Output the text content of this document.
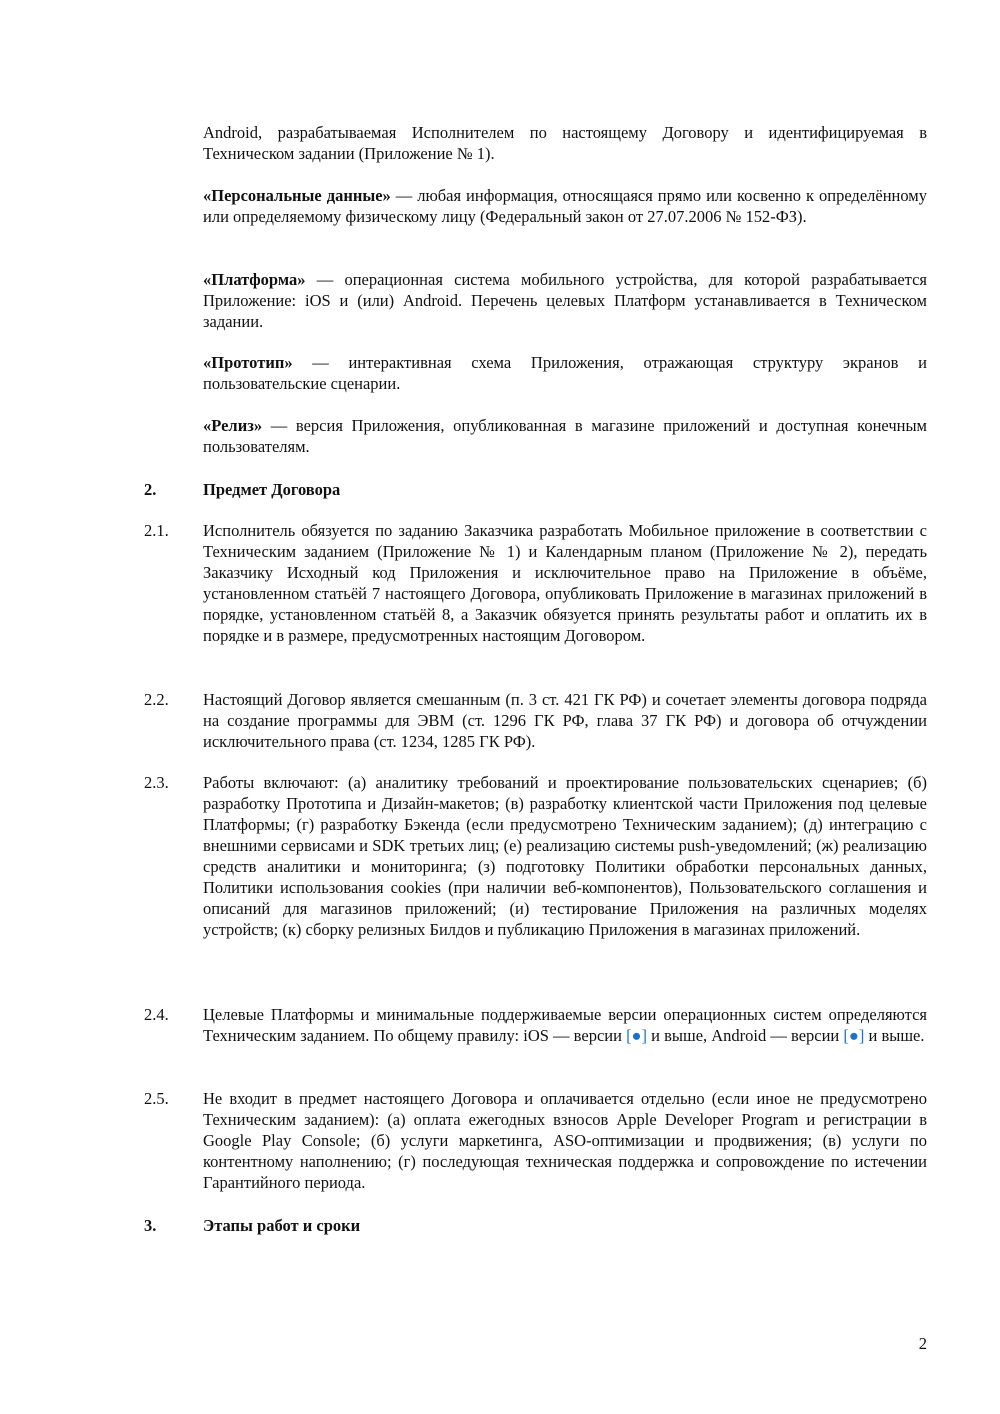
Android, разрабатываемая Исполнителем по настоящему Договору и идентифицируемая в Техническом задании (Приложение № 1).

«Персональные данные» — любая информация, относящаяся прямо или косвенно к определённому или определяемому физическому лицу (Федеральный закон от 27.07.2006 № 152-ФЗ).

«Платформа» — операционная система мобильного устройства, для которой разрабатывается Приложение: iOS и (или) Android. Перечень целевых Платформ устанавливается в Техническом задании.

«Прототип» — интерактивная схема Приложения, отражающая структуру экранов и пользовательские сценарии.

«Релиз» — версия Приложения, опубликованная в магазине приложений и доступная конечным пользователям.

2.	Предмет Договора
2.1. Исполнитель обязуется по заданию Заказчика разработать Мобильное приложение в соответствии с Техническим заданием (Приложение № 1) и Календарным планом (Приложение № 2), передать Заказчику Исходный код Приложения и исключительное право на Приложение в объёме, установленном статьёй 7 настоящего Договора, опубликовать Приложение в магазинах приложений в порядке, установленном статьёй 8, а Заказчик обязуется принять результаты работ и оплатить их в порядке и в размере, предусмотренных настоящим Договором.

2.2. Настоящий Договор является смешанным (п. 3 ст. 421 ГК РФ) и сочетает элементы договора подряда на создание программы для ЭВМ (ст. 1296 ГК РФ, глава 37 ГК РФ) и договора об отчуждении исключительного права (ст. 1234, 1285 ГК РФ).

2.3. Работы включают: (а) аналитику требований и проектирование пользовательских сценариев; (б) разработку Прототипа и Дизайн-макетов; (в) разработку клиентской части Приложения под целевые Платформы; (г) разработку Бэкенда (если предусмотрено Техническим заданием); (д) интеграцию с внешними сервисами и SDK третьих лиц; (е) реализацию системы push-уведомлений; (ж) реализацию средств аналитики и мониторинга; (з) подготовку Политики обработки персональных данных, Политики использования cookies (при наличии веб-компонентов), Пользовательского соглашения и описаний для магазинов приложений; (и) тестирование Приложения на различных моделях устройств; (к) сборку релизных Билдов и публикацию Приложения в магазинах приложений.

2.4. Целевые Платформы и минимальные поддерживаемые версии операционных систем определяются Техническим заданием. По общему правилу: iOS — версии [●] и выше, Android — версии [●] и выше.

2.5. Не входит в предмет настоящего Договора и оплачивается отдельно (если иное не предусмотрено Техническим заданием): (а) оплата ежегодных взносов Apple Developer Program и регистрации в Google Play Console; (б) услуги маркетинга, ASO-оптимизации и продвижения; (в) услуги по контентному наполнению; (г) последующая техническая поддержка и сопровождение по истечении Гарантийного периода.

3.	Этапы работ и сроки
2
